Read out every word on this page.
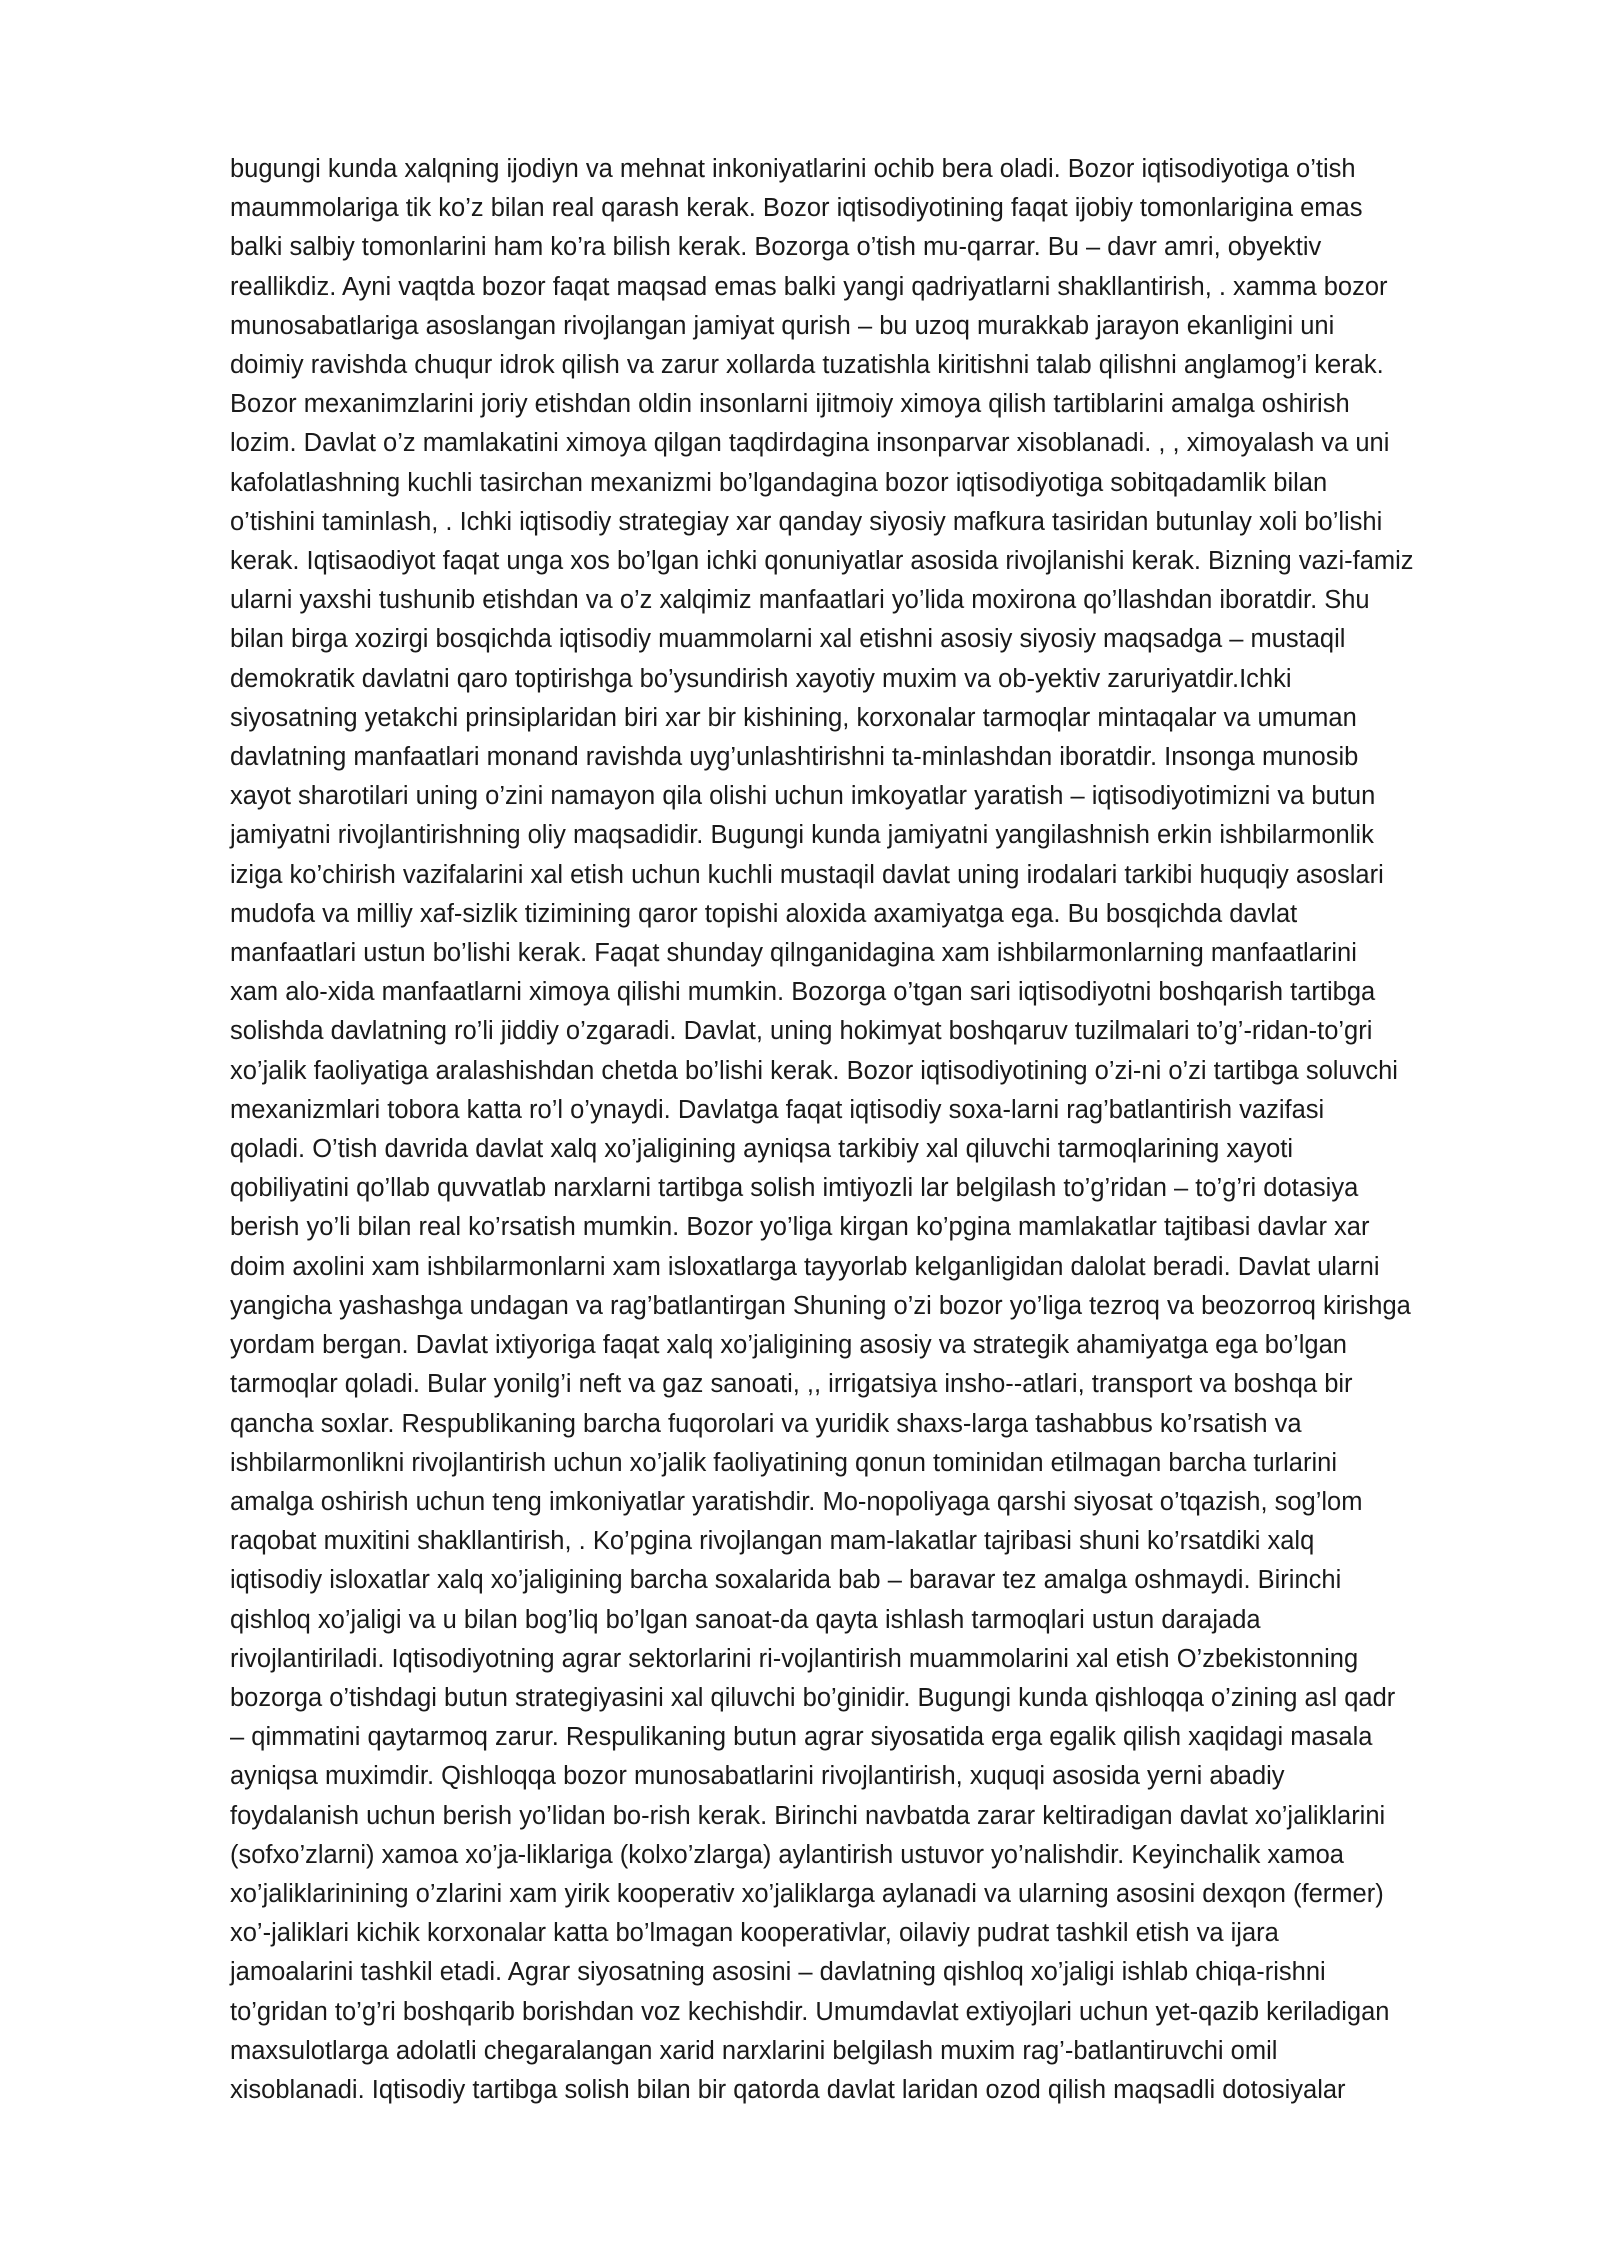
bugungi kunda xalqning ijodiyn va mehnat inkoniyatlarini ochib bera oladi. Bozor iqtisodiyotiga o’tish
maummolariga tik ko’z bilan real qarash kerak. Bozor iqtisodiyotining faqat ijobiy tomonlarigina emas
balki salbiy tomonlarini ham ko’ra bilish kerak. Bozorga o’tish mu-qarrar. Bu – davr amri, obyektiv
reallikdiz. Ayni vaqtda bozor faqat maqsad emas balki yangi qadriyatlarni shakllantirish, . xamma bozor
munosabatlariga asoslangan rivojlangan jamiyat qurish – bu uzoq murakkab jarayon ekanligini uni
doimiy ravishda chuqur idrok qilish va zarur xollarda tuzatishla kiritishni talab qilishni anglamog’i kerak.
Bozor mexanimzlarini joriy etishdan oldin insonlarni ijitmoiy ximoya qilish tartiblarini amalga oshirish
lozim. Davlat o’z mamlakatini ximoya qilgan taqdirdagina insonparvar xisoblanadi. , , ximoyalash va uni
kafolatlashning kuchli tasirchan mexanizmi bo’lgandagina bozor iqtisodiyotiga sobitqadamlik bilan
o’tishini taminlash, . Ichki iqtisodiy strategiay xar qanday siyosiy mafkura tasiridan butunlay xoli bo’lishi
kerak. Iqtisaodiyot faqat unga xos bo’lgan ichki qonuniyatlar asosida rivojlanishi kerak. Bizning vazi-famiz
ularni yaxshi tushunib etishdan va o’z xalqimiz manfaatlari yo’lida moxirona qo’llashdan iboratdir. Shu
bilan birga xozirgi bosqichda iqtisodiy muammolarni xal etishni asosiy siyosiy maqsadga – mustaqil
demokratik davlatni qaro toptirishga bo’ysundirish xayotiy muxim va ob-yektiv zaruriyatdir.Ichki
siyosatning yetakchi prinsiplaridan biri xar bir kishining, korxonalar tarmoqlar mintaqalar va umuman
davlatning manfaatlari monand ravishda uyg’unlashtirishni ta-minlashdan iboratdir. Insonga munosib
xayot sharotilari uning o’zini namayon qila olishi uchun imkoyatlar yaratish – iqtisodiyotimizni va butun
jamiyatni rivojlantirishning oliy maqsadidir. Bugungi kunda jamiyatni yangilashnish erkin ishbilarmonlik
iziga ko’chirish vazifalarini xal etish uchun kuchli mustaqil davlat uning irodalari tarkibi huquqiy asoslari
mudofa va milliy xaf-sizlik tizimining qaror topishi aloxida axamiyatga ega. Bu bosqichda davlat
manfaatlari ustun bo’lishi kerak. Faqat shunday qilnganidagina xam ishbilarmonlarning manfaatlarini
xam alo-xida manfaatlarni ximoya qilishi mumkin. Bozorga o’tgan sari iqtisodiyotni boshqarish tartibga
solishda davlatning ro’li jiddiy o’zgaradi. Davlat, uning hokimyat boshqaruv tuzilmalari to’g’-ridan-to’gri
xo’jalik faoliyatiga aralashishdan chetda bo’lishi kerak. Bozor iqtisodiyotining o’zi-ni o’zi tartibga soluvchi
mexanizmlari tobora katta ro’l o’ynaydi. Davlatga faqat iqtisodiy soxa-larni rag’batlantirish vazifasi
qoladi. O’tish davrida davlat xalq xo’jaligining ayniqsa tarkibiy xal qiluvchi tarmoqlarining xayoti
qobiliyatini qo’llab quvvatlab narxlarni tartibga solish imtiyozli lar belgilash to’g’ridan – to’g’ri dotasiya
berish yo’li bilan real ko’rsatish mumkin. Bozor yo’liga kirgan ko’pgina mamlakatlar tajtibasi davlar xar
doim axolini xam ishbilarmonlarni xam isloxatlarga tayyorlab kelganligidan dalolat beradi. Davlat ularni
yangicha yashashga undagan va rag’batlantirgan Shuning o’zi bozor yo’liga tezroq va beozorroq kirishga
yordam bergan. Davlat ixtiyoriga faqat xalq xo’jaligining asosiy va strategik ahamiyatga ega bo’lgan
tarmoqlar qoladi. Bular yonilg’i neft va gaz sanoati, ,, irrigatsiya insho--atlari, transport va boshqa bir
qancha soxlar. Respublikaning barcha fuqorolari va yuridik shaxs-larga tashabbus ko’rsatish va
ishbilarmonlikni rivojlantirish uchun xo’jalik faoliyatining qonun tominidan etilmagan barcha turlarini
amalga oshirish uchun teng imkoniyatlar yaratishdir. Mo-nopoliyaga qarshi siyosat o’tqazish, sog’lom
raqobat muxitini shakllantirish, . Ko’pgina rivojlangan mam-lakatlar tajribasi shuni ko’rsatdiki xalq
iqtisodiy isloxatlar xalq xo’jaligining barcha soxalarida bab – baravar tez amalga oshmaydi. Birinchi
qishloq xo’jaligi va u bilan bog’liq bo’lgan sanoat-da qayta ishlash tarmoqlari ustun darajada
rivojlantiriladi. Iqtisodiyotning agrar sektorlarini ri-vojlantirish muammolarini xal etish O’zbekistonning
bozorga o’tishdagi butun strategiyasini xal qiluvchi bo’ginidir. Bugungi kunda qishloqqa o’zining asl qadr
– qimmatini qaytarmoq zarur. Respulikaning butun agrar siyosatida erga egalik qilish xaqidagi masala
ayniqsa muximdir. Qishloqqa bozor munosabatlarini rivojlantirish, xuquqi asosida yerni abadiy
foydalanish uchun berish yo’lidan bo-rish kerak. Birinchi navbatda zarar keltiradigan davlat xo’jaliklarini
(sofxo’zlarni) xamoa xo’ja-liklariga (kolxo’zlarga) aylantirish ustuvor yo’nalishdir. Keyinchalik xamoa
xo’jaliklarinining o’zlarini xam yirik kooperativ xo’jaliklarga aylanadi va ularning asosini dexqon (fermer)
xo’-jaliklari kichik korxonalar katta bo’lmagan kooperativlar, oilaviy pudrat tashkil etish va ijara
jamoalarini tashkil etadi. Agrar siyosatning asosini – davlatning qishloq xo’jaligi ishlab chiqa-rishni
to’gridan to’g’ri boshqarib borishdan voz kechishdir. Umumdavlat extiyojlari uchun yet-qazib keriladigan
maxsulotlarga adolatli chegaralangan xarid narxlarini belgilash muxim rag’-batlantiruvchi omil
xisoblanadi. Iqtisodiy tartibga solish bilan bir qatorda davlat laridan ozod qilish maqsadli dotosiyalar
